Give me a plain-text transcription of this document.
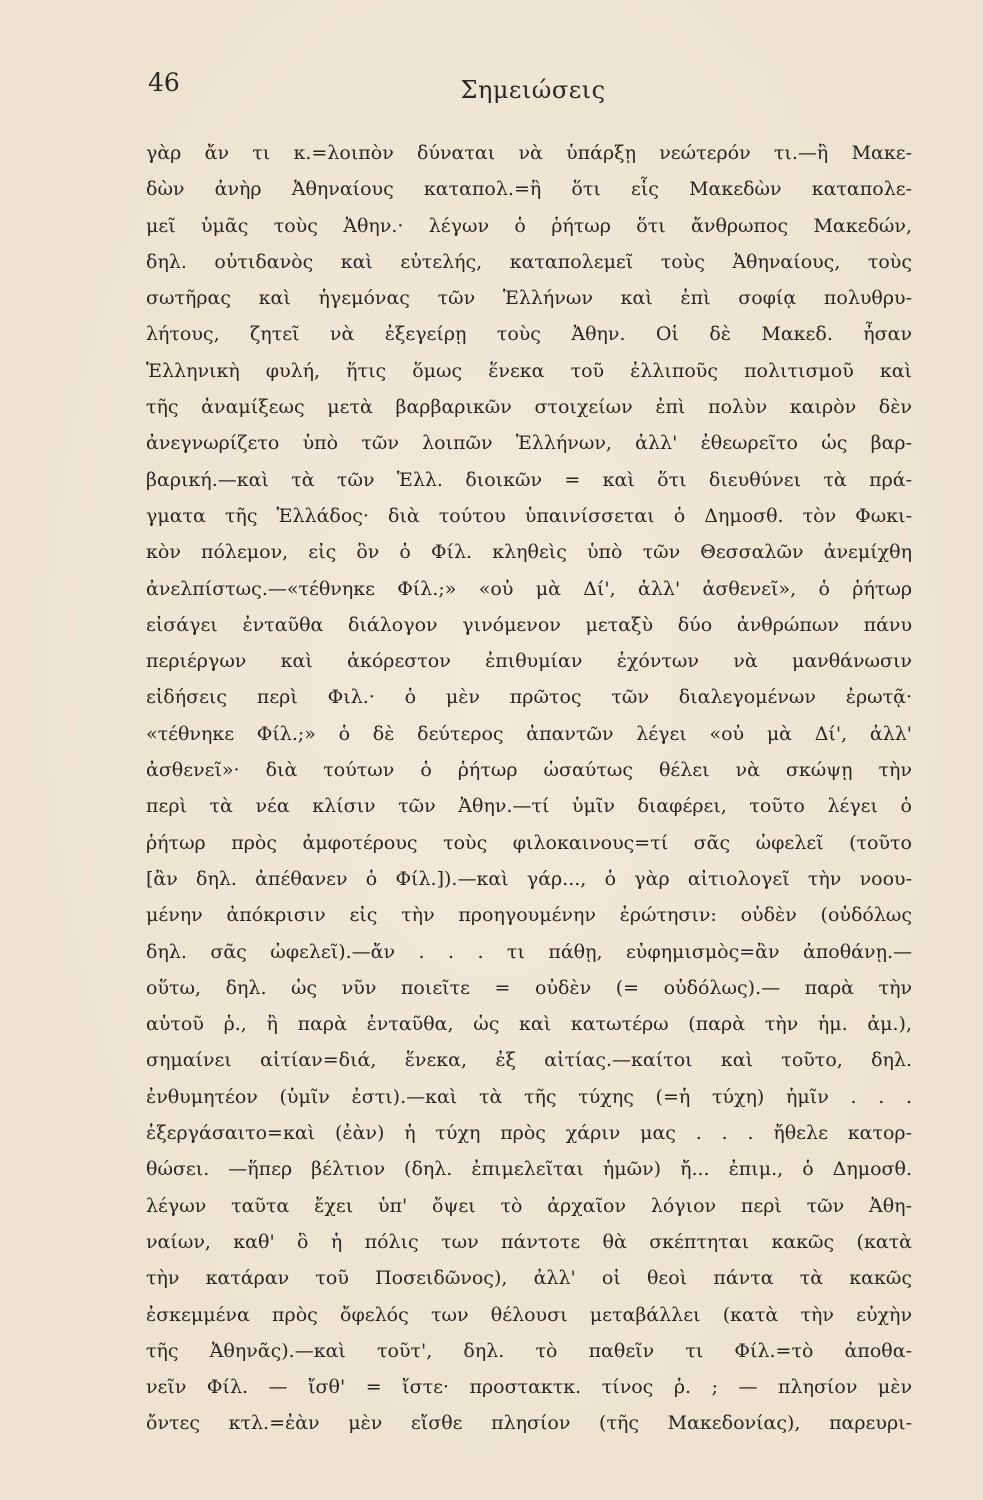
46	Σημειώσεις
γὰρ ἄν τι κ.=λοιπὸν δύναται νὰ ὑπάρξῃ νεώτερόν τι.—ἢ Μακε-
δὼν ἀνὴρ Ἀθηναίους καταπολ.=ἢ ὅτι εἷς Μακεδὼν καταπολε-
μεῖ ὑμᾶς τοὺς Ἀθην.· λέγων ὁ ῥήτωρ ὅτι ἄνθρωπος Μακεδών,
δηλ. οὐτιδανὸς καὶ εὐτελής, καταπολεμεῖ τοὺς Ἀθηναίους, τοὺς
σωτῆρας καὶ ἡγεμόνας τῶν Ἑλλήνων καὶ ἐπὶ σοφίᾳ πολυθρυ-
λήτους, ζητεῖ νὰ ἐξεγείρῃ τοὺς Ἀθην. Οἱ δὲ Μακεδ. ἦσαν
Ἑλληνικὴ φυλή, ἥτις ὅμως ἕνεκα τοῦ ἐλλιποῦς πολιτισμοῦ καὶ
τῆς ἀναμίξεως μετὰ βαρβαρικῶν στοιχείων ἐπὶ πολὺν καιρὸν δὲν
ἀνεγνωρίζετο ὑπὸ τῶν λοιπῶν Ἑλλήνων, ἀλλ' ἐθεωρεῖτο ὡς βαρ-
βαρική.—καὶ τὰ τῶν Ἑλλ. διοικῶν = καὶ ὅτι διευθύνει τὰ πρά-
γματα τῆς Ἑλλάδος· διὰ τούτου ὑπαινίσσεται ὁ Δημοσθ. τὸν Φωκι-
κὸν πόλεμον, εἰς ὃν ὁ Φίλ. κληθεὶς ὑπὸ τῶν Θεσσαλῶν ἀνεμίχθη
ἀνελπίστως.—«τέθνηκε Φίλ.;» «οὐ μὰ Δί', ἀλλ' ἀσθενεῖ», ὁ ῥήτωρ
εἰσάγει ἐνταῦθα διάλογον γινόμενον μεταξὺ δύο ἀνθρώπων πάνυ
περιέργων καὶ ἀκόρεστον ἐπιθυμίαν ἐχόντων νὰ μανθάνωσιν
εἰδήσεις περὶ Φιλ.· ὁ μὲν πρῶτος τῶν διαλεγομένων ἐρωτᾷ·
«τέθνηκε Φίλ.;» ὁ δὲ δεύτερος ἀπαντῶν λέγει «οὐ μὰ Δί', ἀλλ'
ἀσθενεῖ»· διὰ τούτων ὁ ῥήτωρ ὡσαύτως θέλει νὰ σκώψῃ τὴν
περὶ τὰ νέα κλίσιν τῶν Ἀθην.—τί ὑμῖν διαφέρει, τοῦτο λέγει ὁ
ῥήτωρ πρὸς ἀμφοτέρους τοὺς φιλοκαινους=τί σᾶς ὠφελεῖ (τοῦτο
[ἂν δηλ. ἀπέθανεν ὁ Φίλ.]).—καὶ γάρ..., ὁ γὰρ αἰτιολογεῖ τὴν νοου-
μένην ἀπόκρισιν εἰς τὴν προηγουμένην ἐρώτησιν: οὐδὲν (οὐδόλως
δηλ. σᾶς ὠφελεῖ).—ἄν . . . τι πάθῃ, εὐφημισμὸς=ἂν ἀποθάνῃ.—
οὕτω, δηλ. ὡς νῦν ποιεῖτε = οὐδὲν (= οὐδόλως).— παρὰ τὴν
αὑτοῦ ῥ., ἢ παρὰ ἐνταῦθα, ὡς καὶ κατωτέρω (παρὰ τὴν ἡμ. ἀμ.),
σημαίνει αἰτίαν=διά, ἕνεκα, ἐξ αἰτίας.—καίτοι καὶ τοῦτο, δηλ.
ἐνθυμητέον (ὑμῖν ἐστι).—καὶ τὰ τῆς τύχης (=ἡ τύχη) ἡμῖν . . .
ἐξεργάσαιτο=καὶ (ἐὰν) ἡ τύχη πρὸς χάριν μας . . . ἤθελε κατορ-
θώσει. —ἥπερ βέλτιον (δηλ. ἐπιμελεῖται ἡμῶν) ἤ... ἐπιμ., ὁ Δημοσθ.
λέγων ταῦτα ἔχει ὑπ' ὄψει τὸ ἀρχαῖον λόγιον περὶ τῶν Ἀθη-
ναίων, καθ' ὃ ἡ πόλις των πάντοτε θὰ σκέπτηται κακῶς (κατὰ
τὴν κατάραν τοῦ Ποσειδῶνος), ἀλλ' οἱ θεοὶ πάντα τὰ κακῶς
ἐσκεμμένα πρὸς ὄφελός των θέλουσι μεταβάλλει (κατὰ τὴν εὐχὴν
τῆς Ἀθηνᾶς).—καὶ τοῦτ', δηλ. τὸ παθεῖν τι Φίλ.=τὸ ἀποθα-
νεῖν Φίλ. — ἴσθ' = ἴστε· προστακτκ. τίνος ῥ. ; — πλησίον μὲν
ὄντες κτλ.=ἐὰν μὲν εἴσθε πλησίον (τῆς Μακεδονίας), παρευρι-
